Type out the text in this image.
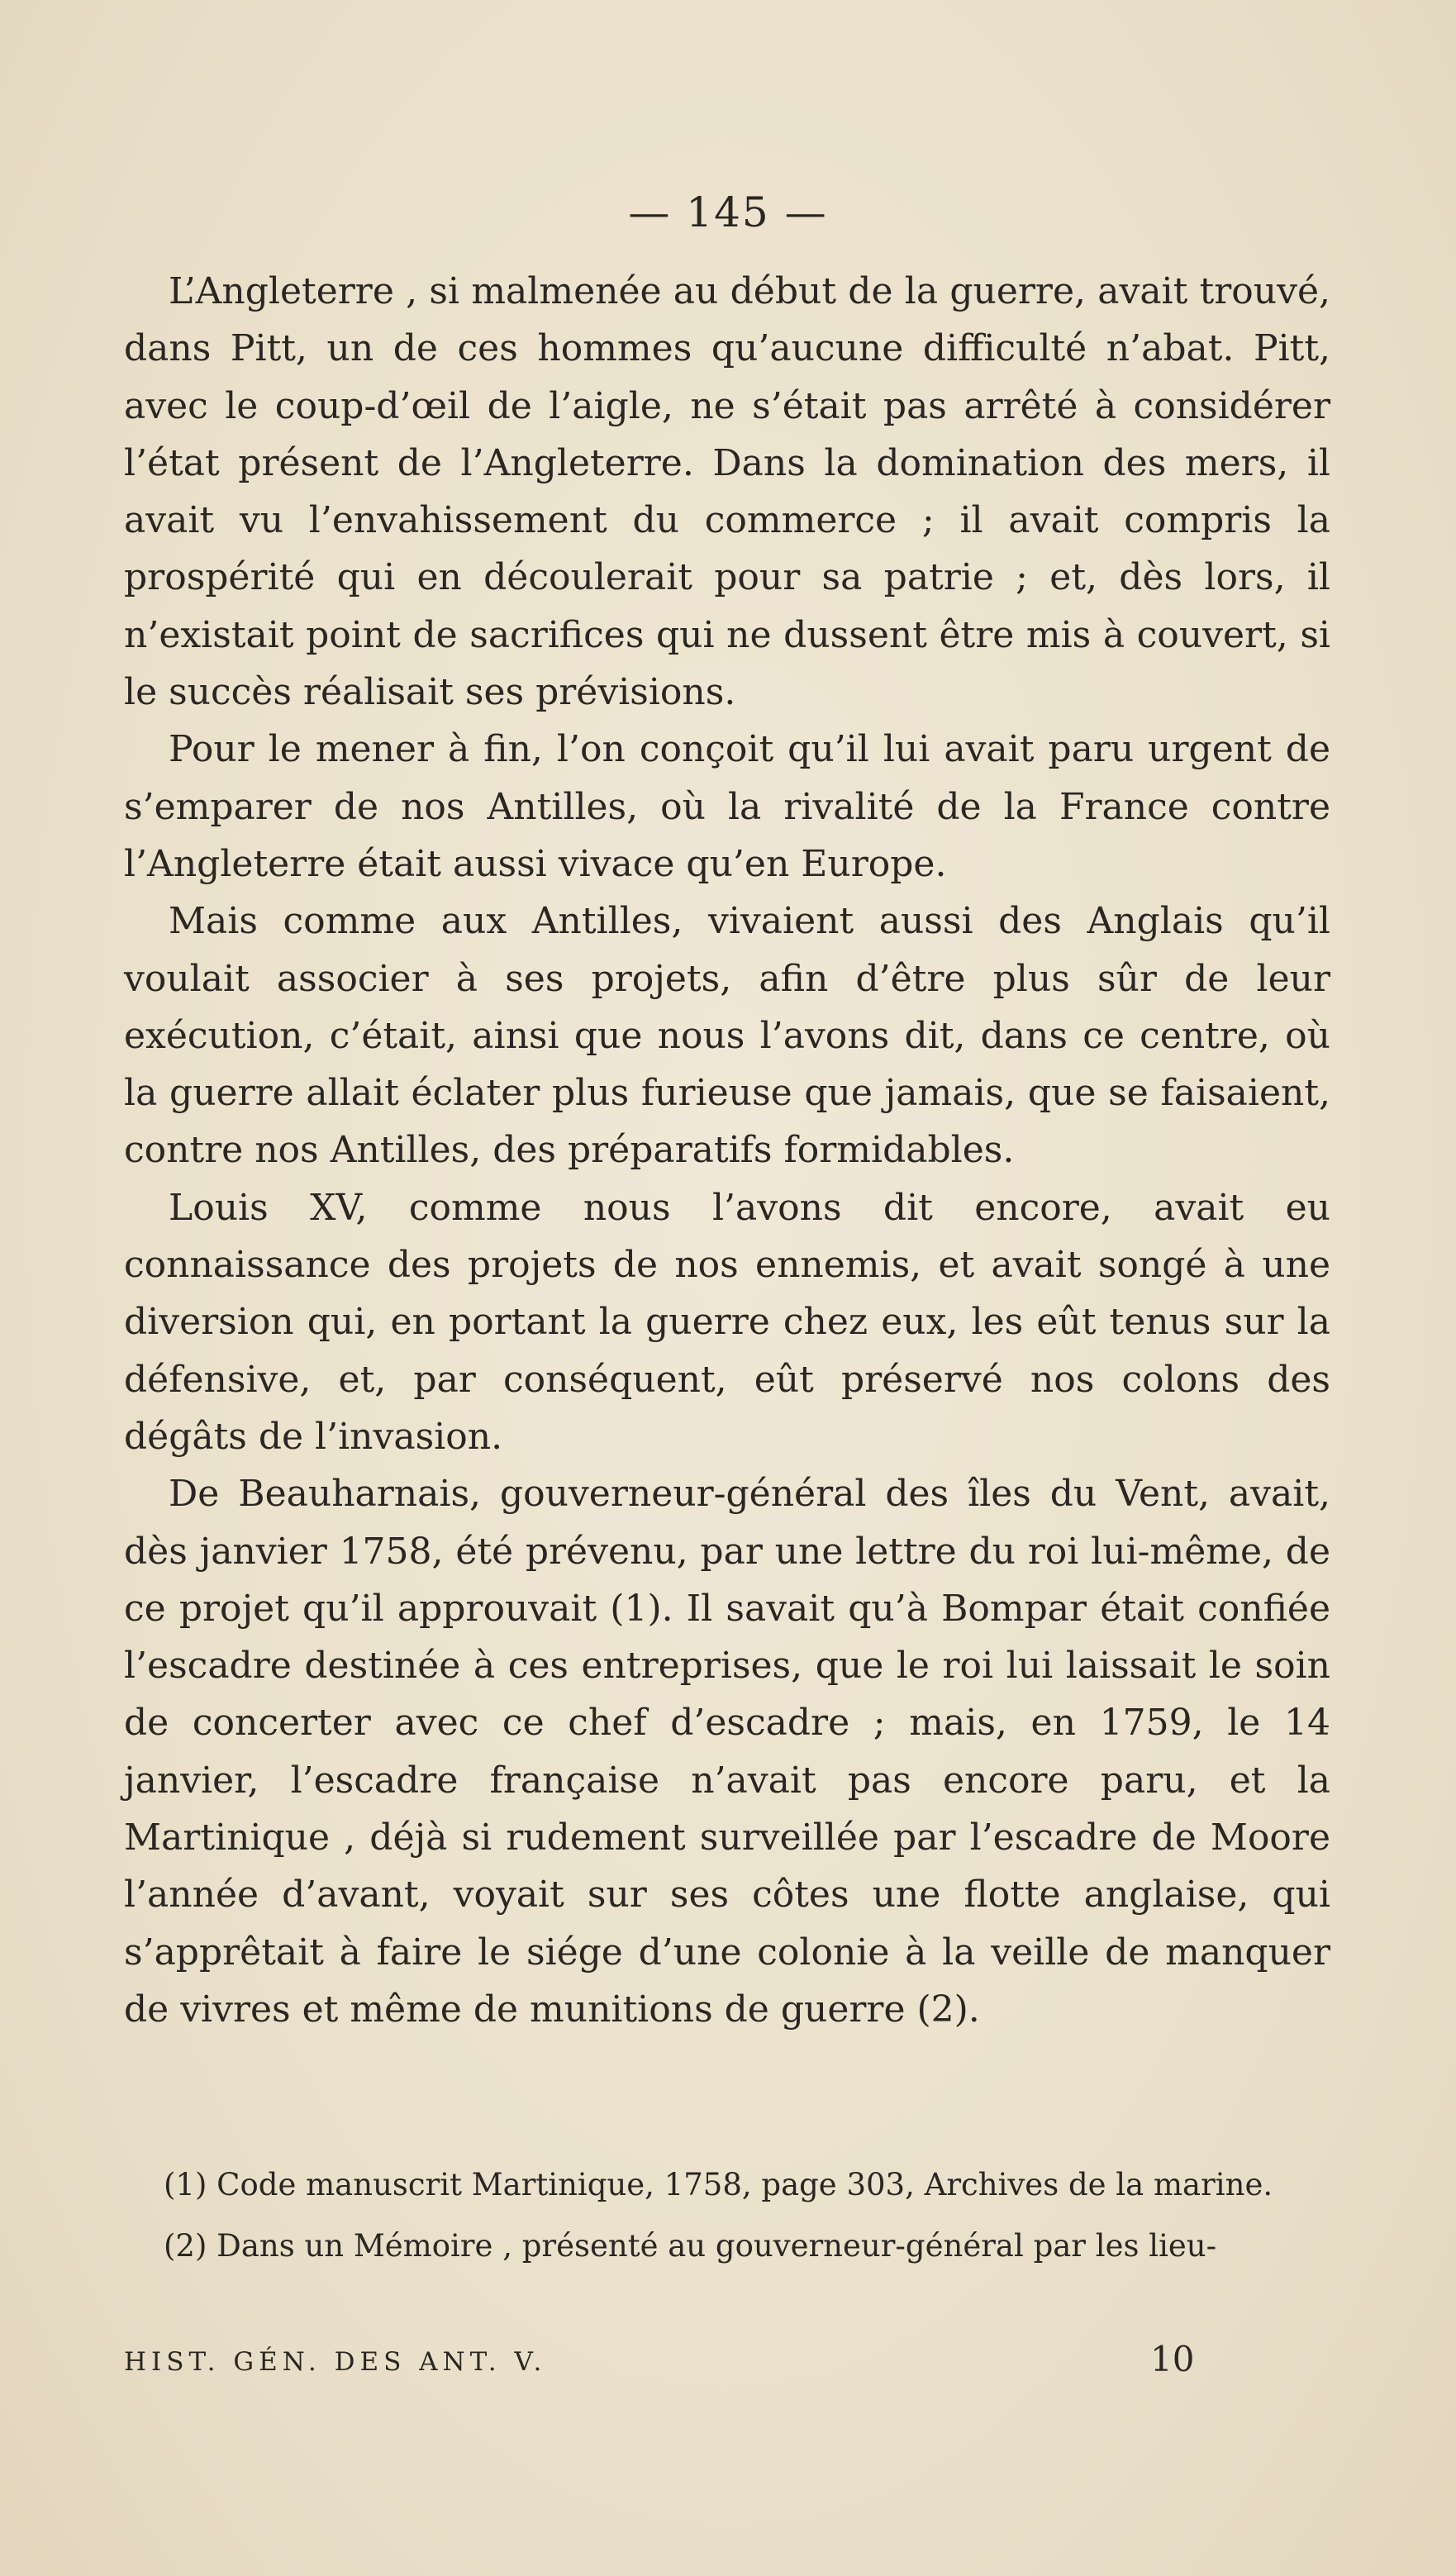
— 145 —

L’Angleterre , si malmenée au début de la guerre, avait trouvé, dans Pitt, un de ces hommes qu’aucune difficulté n’abat. Pitt, avec le coup-d’œil de l’aigle, ne s’était pas arrêté à considérer l’état présent de l’Angleterre. Dans la domination des mers, il avait vu l’envahissement du commerce ; il avait compris la prospérité qui en découlerait pour sa patrie ; et, dès lors, il n’existait point de sacrifices qui ne dussent être mis à couvert, si le succès réalisait ses prévisions.

Pour le mener à fin, l’on conçoit qu’il lui avait paru urgent de s’emparer de nos Antilles, où la rivalité de la France contre l’Angleterre était aussi vivace qu’en Europe.

Mais comme aux Antilles, vivaient aussi des Anglais qu’il voulait associer à ses projets, afin d’être plus sûr de leur exécution, c’était, ainsi que nous l’avons dit, dans ce centre, où la guerre allait éclater plus furieuse que jamais, que se faisaient, contre nos Antilles, des préparatifs formidables.

Louis XV, comme nous l’avons dit encore, avait eu connaissance des projets de nos ennemis, et avait songé à une diversion qui, en portant la guerre chez eux, les eût tenus sur la défensive, et, par conséquent, eût préservé nos colons des dégâts de l’invasion.

De Beauharnais, gouverneur-général des îles du Vent, avait, dès janvier 1758, été prévenu, par une lettre du roi lui-même, de ce projet qu’il approuvait (1). Il savait qu’à Bompar était confiée l’escadre destinée à ces entreprises, que le roi lui laissait le soin de concerter avec ce chef d’escadre ; mais, en 1759, le 14 janvier, l’escadre française n’avait pas encore paru, et la Martinique , déjà si rudement surveillée par l’escadre de Moore l’année d’avant, voyait sur ses côtes une flotte anglaise, qui s’apprêtait à faire le siége d’une colonie à la veille de manquer de vivres et même de munitions de guerre (2).

(1) Code manuscrit Martinique, 1758, page 303, Archives de la marine.

(2) Dans un Mémoire , présenté au gouverneur-général par les lieu-

HIST. GÉN. DES ANT. V.	10
